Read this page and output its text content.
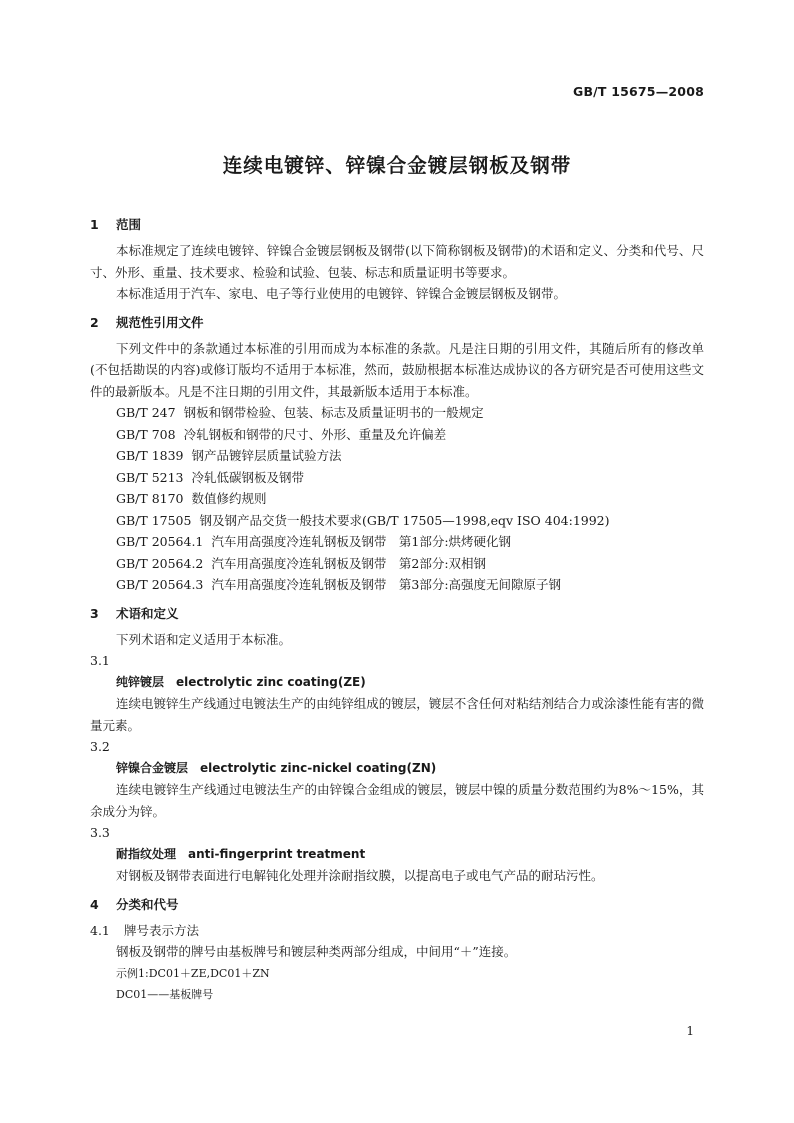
GB/T 15675—2008
连续电镀锌、锌镍合金镀层钢板及钢带
1 范围

本标准规定了连续电镀锌、锌镍合金镀层钢板及钢带(以下简称钢板及钢带)的术语和定义、分类和代号、尺寸、外形、重量、技术要求、检验和试验、包装、标志和质量证明书等要求。

本标准适用于汽车、家电、电子等行业使用的电镀锌、锌镍合金镀层钢板及钢带。

2 规范性引用文件

下列文件中的条款通过本标准的引用而成为本标准的条款。凡是注日期的引用文件，其随后所有的修改单(不包括勘误的内容)或修订版均不适用于本标准，然而，鼓励根据本标准达成协议的各方研究是否可使用这些文件的最新版本。凡是不注日期的引用文件，其最新版本适用于本标准。

GB/T 247 钢板和钢带检验、包装、标志及质量证明书的一般规定

GB/T 708 冷轧钢板和钢带的尺寸、外形、重量及允许偏差

GB/T 1839 钢产品镀锌层质量试验方法

GB/T 5213 冷轧低碳钢板及钢带

GB/T 8170 数值修约规则

GB/T 17505 钢及钢产品交货一般技术要求(GB/T 17505—1998,eqv ISO 404:1992)

GB/T 20564.1 汽车用高强度冷连轧钢板及钢带　第1部分:烘烤硬化钢

GB/T 20564.2 汽车用高强度冷连轧钢板及钢带　第2部分:双相钢

GB/T 20564.3 汽车用高强度冷连轧钢板及钢带　第3部分:高强度无间隙原子钢

3 术语和定义

下列术语和定义适用于本标准。

3.1

纯锌镀层 electrolytic zinc coating(ZE)

连续电镀锌生产线通过电镀法生产的由纯锌组成的镀层，镀层不含任何对粘结剂结合力或涂漆性能有害的微量元素。

3.2

锌镍合金镀层 electrolytic zinc-nickel coating(ZN)

连续电镀锌生产线通过电镀法生产的由锌镍合金组成的镀层，镀层中镍的质量分数范围约为8%～15%，其余成分为锌。

3.3

耐指纹处理 anti-fingerprint treatment

对钢板及钢带表面进行电解钝化处理并涂耐指纹膜，以提高电子或电气产品的耐玷污性。

4 分类和代号

4.1 牌号表示方法

钢板及钢带的牌号由基板牌号和镀层种类两部分组成，中间用“＋”连接。

示例1:DC01＋ZE,DC01＋ZN

DC01——基板牌号

1
